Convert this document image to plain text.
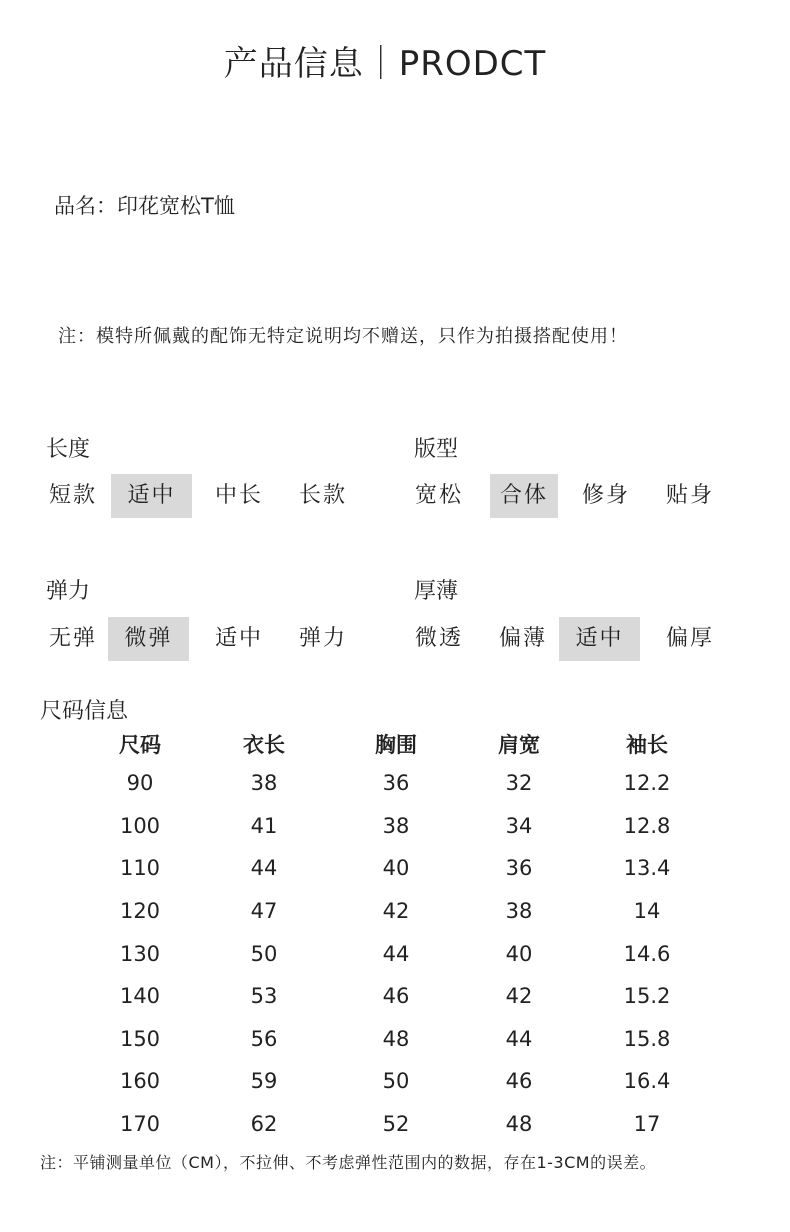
产品信息｜PRODCT
品名：印花宽松T恤
注：模特所佩戴的配饰无特定说明均不赠送，只作为拍摄搭配使用！
长度
短款	适中	中长	长款
版型
宽松	合体	修身	贴身
弹力
无弹	微弹	适中	弹力
厚薄
微透	偏薄	适中	偏厚
尺码信息
尺码	衣长	胸围	肩宽	袖长
90	38	36	32	12.2
100	41	38	34	12.8
110	44	40	36	13.4
120	47	42	38	14
130	50	44	40	14.6
140	53	46	42	15.2
150	56	48	44	15.8
160	59	50	46	16.4
170	62	52	48	17
注：平铺测量单位（CM），不拉伸、不考虑弹性范围内的数据，存在1-3CM的误差。
